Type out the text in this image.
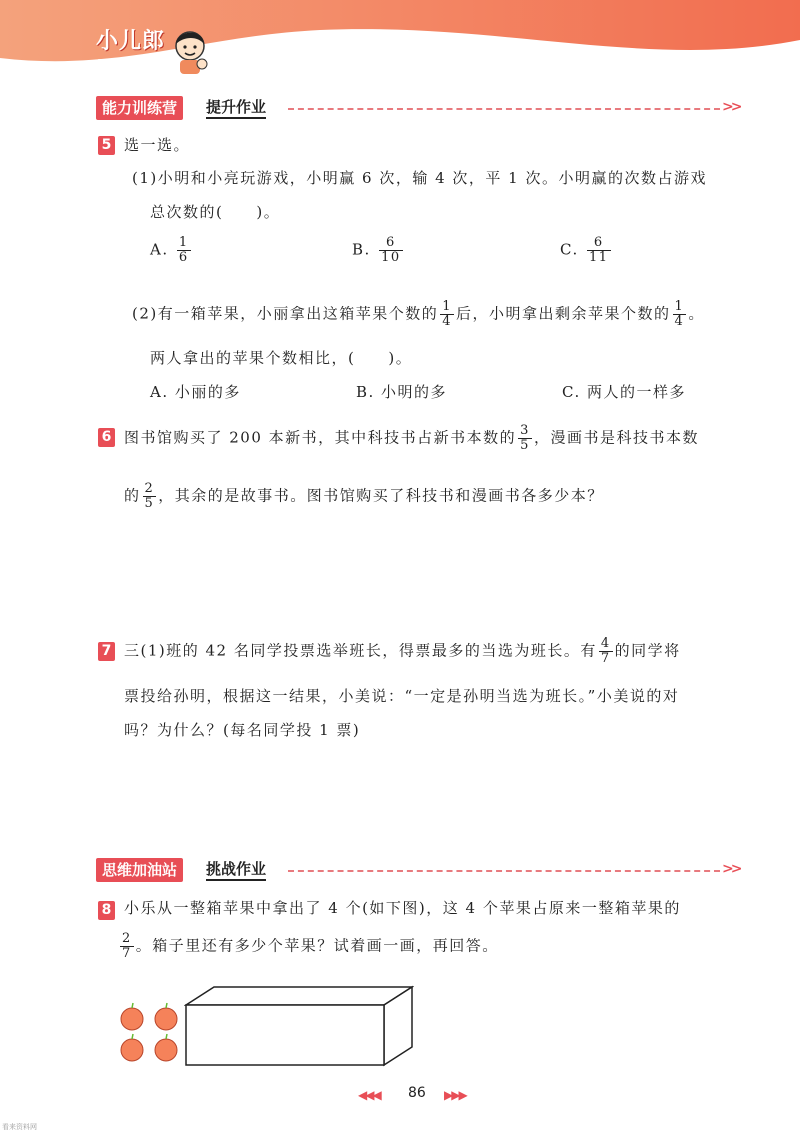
小儿郎
5·3天天练
能力训练营	提升作业	>>
5 选一选。
(1)小明和小亮玩游戏，小明赢 6 次，输 4 次，平 1 次。小明赢的次数占游戏
总次数的(　　)。
A. $\frac{1}{6}$	B. $\frac{6}{10}$	C. $\frac{6}{11}$
(2)有一箱苹果，小丽拿出这箱苹果个数的 $\frac{1}{4}$ 后，小明拿出剩余苹果个数的 $\frac{1}{4}$ 。
两人拿出的苹果个数相比，(　　)。
A. 小丽的多	B. 小明的多	C. 两人的一样多
6 图书馆购买了 200 本新书，其中科技书占新书本数的 $\frac{3}{5}$ ，漫画书是科技书本数
的 $\frac{2}{5}$ ，其余的是故事书。图书馆购买了科技书和漫画书各多少本？
7 三(1)班的 42 名同学投票选举班长，得票最多的当选为班长。有 $\frac{4}{7}$ 的同学将
票投给孙明，根据这一结果，小美说：“一定是孙明当选为班长。”小美说的对
吗？为什么？(每名同学投 1 票)
思维加油站	挑战作业	>>
8 小乐从一整箱苹果中拿出了 4 个(如下图)，这 4 个苹果占原来一整箱苹果的
$\frac{2}{7}$ 。箱子里还有多少个苹果？试着画一画，再回答。
◀◀◀ 86 ▶▶▶
看来资料网
